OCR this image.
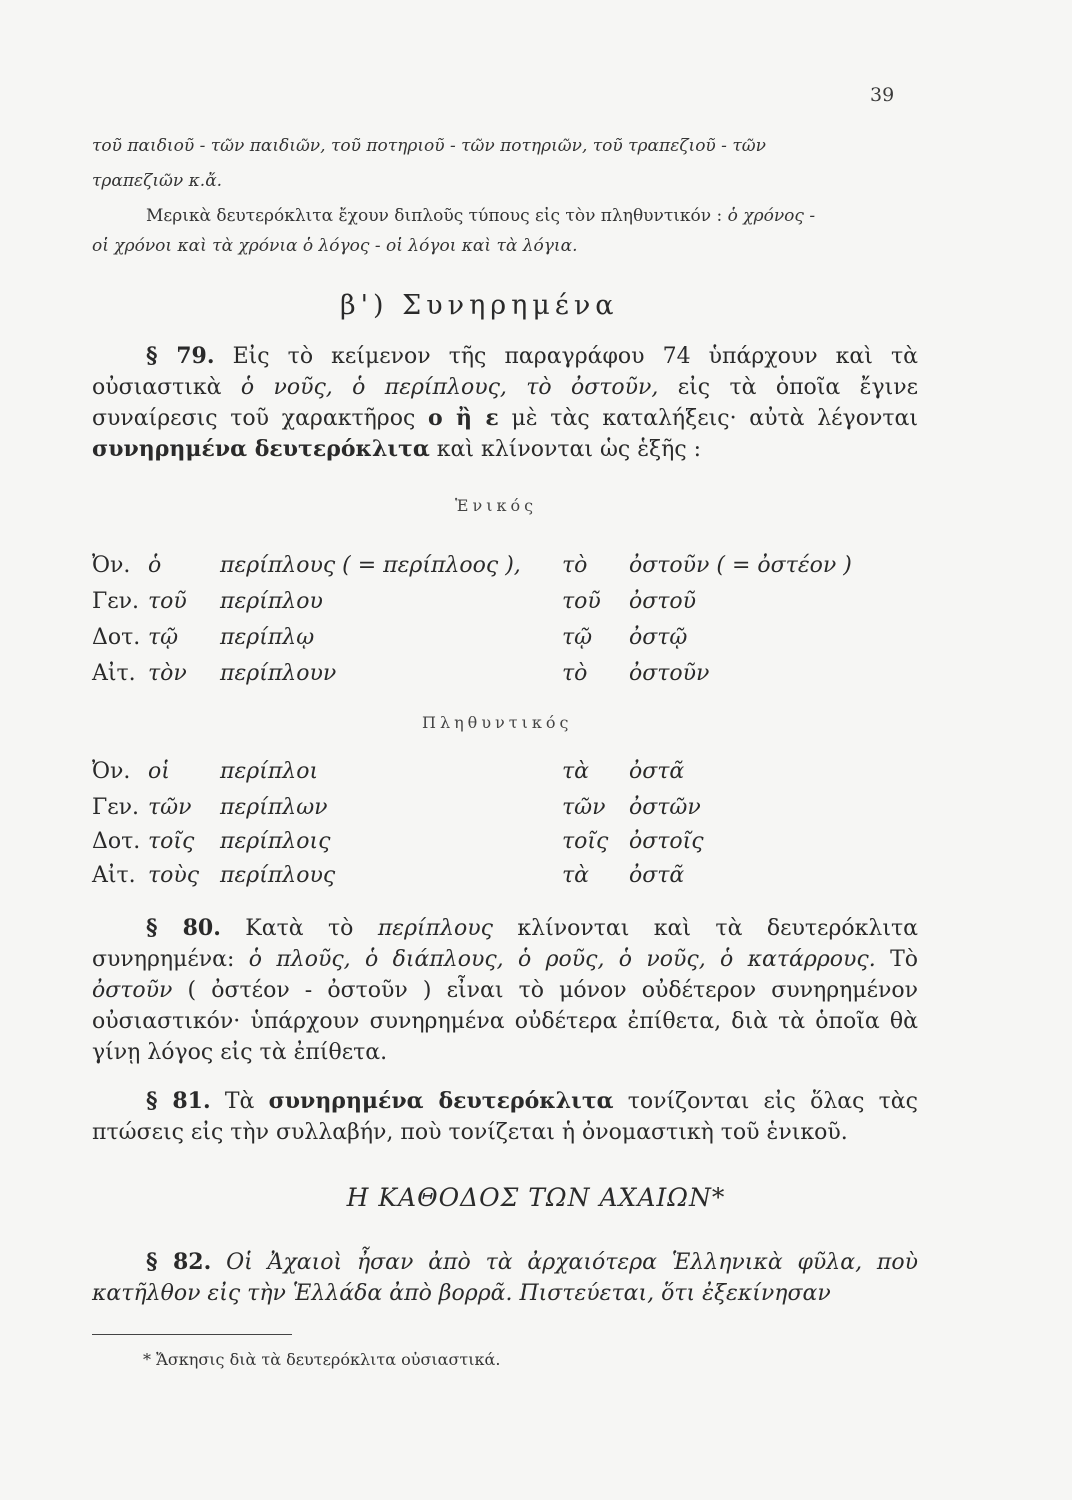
39
τοῦ παιδιοῦ - τῶν παιδιῶν, τοῦ ποτηριοῦ - τῶν ποτηριῶν, τοῦ τραπεζιοῦ - τῶν
τραπεζιῶν κ.ἄ.
Μερικὰ δευτερόκλιτα ἔχουν διπλοῦς τύπους εἰς τὸν πληθυντικόν : ὁ χρόνος -
οἱ χρόνοι καὶ τὰ χρόνια ὁ λόγος - οἱ λόγοι καὶ τὰ λόγια.
β') Συνηρημένα
§ 79. Εἰς τὸ κείμενον τῆς παραγράφου 74 ὑπάρχουν καὶ τὰ οὐσιαστικὰ ὁ νοῦς, ὁ περίπλους, τὸ ὀστοῦν, εἰς τὰ ὁποῖα ἔγινε συναίρεσις τοῦ χαρακτῆρος ο ἢ ε μὲ τὰς καταλήξεις· αὐτὰ λέγονται συνηρημένα δευτερόκλιτα καὶ κλίνονται ὡς ἑξῆς :
Ἑνικός
Ὀν. ὁ	περίπλους ( = περίπλοος ), τὸ ὀστοῦν ( = ὀστέον )
Γεν. τοῦ περίπλου	τοῦ ὀστοῦ
Δοτ. τῷ περίπλῳ	τῷ ὀστῷ
Αἰτ. τὸν περίπλουν	τὸ ὀστοῦν
Πληθυντικός
Ὀν. οἱ περίπλοι	τὰ ὀστᾶ
Γεν. τῶν περίπλων	τῶν ὀστῶν
Δοτ. τοῖς περίπλοις	τοῖς ὀστοῖς
Αἰτ. τοὺς περίπλους	τὰ ὀστᾶ
§ 80. Κατὰ τὸ περίπλους κλίνονται καὶ τὰ δευτερόκλιτα συνηρημένα: ὁ πλοῦς, ὁ διάπλους, ὁ ροῦς, ὁ νοῦς, ὁ κατάρρους. Τὸ ὀστοῦν ( ὀστέον - ὀστοῦν ) εἶναι τὸ μόνον οὐδέτερον συνηρημένον οὐσιαστικόν· ὑπάρχουν συνηρημένα οὐδέτερα ἐπίθετα, διὰ τὰ ὁποῖα θὰ γίνῃ λόγος εἰς τὰ ἐπίθετα.
§ 81. Τὰ συνηρημένα δευτερόκλιτα τονίζονται εἰς ὅλας τὰς πτώσεις εἰς τὴν συλλαβήν, ποὺ τονίζεται ἡ ὀνομαστικὴ τοῦ ἑνικοῦ.
Η ΚΑΘΟΔΟΣ ΤΩΝ ΑΧΑΙΩΝ*
§ 82. Οἱ Ἀχαιοὶ ἦσαν ἀπὸ τὰ ἀρχαιότερα Ἑλληνικὰ φῦλα, ποὺ κατῆλθον εἰς τὴν Ἑλλάδα ἀπὸ βορρᾶ. Πιστεύεται, ὅτι ἐξεκίνησαν
* Ἄσκησις διὰ τὰ δευτερόκλιτα οὐσιαστικά.
